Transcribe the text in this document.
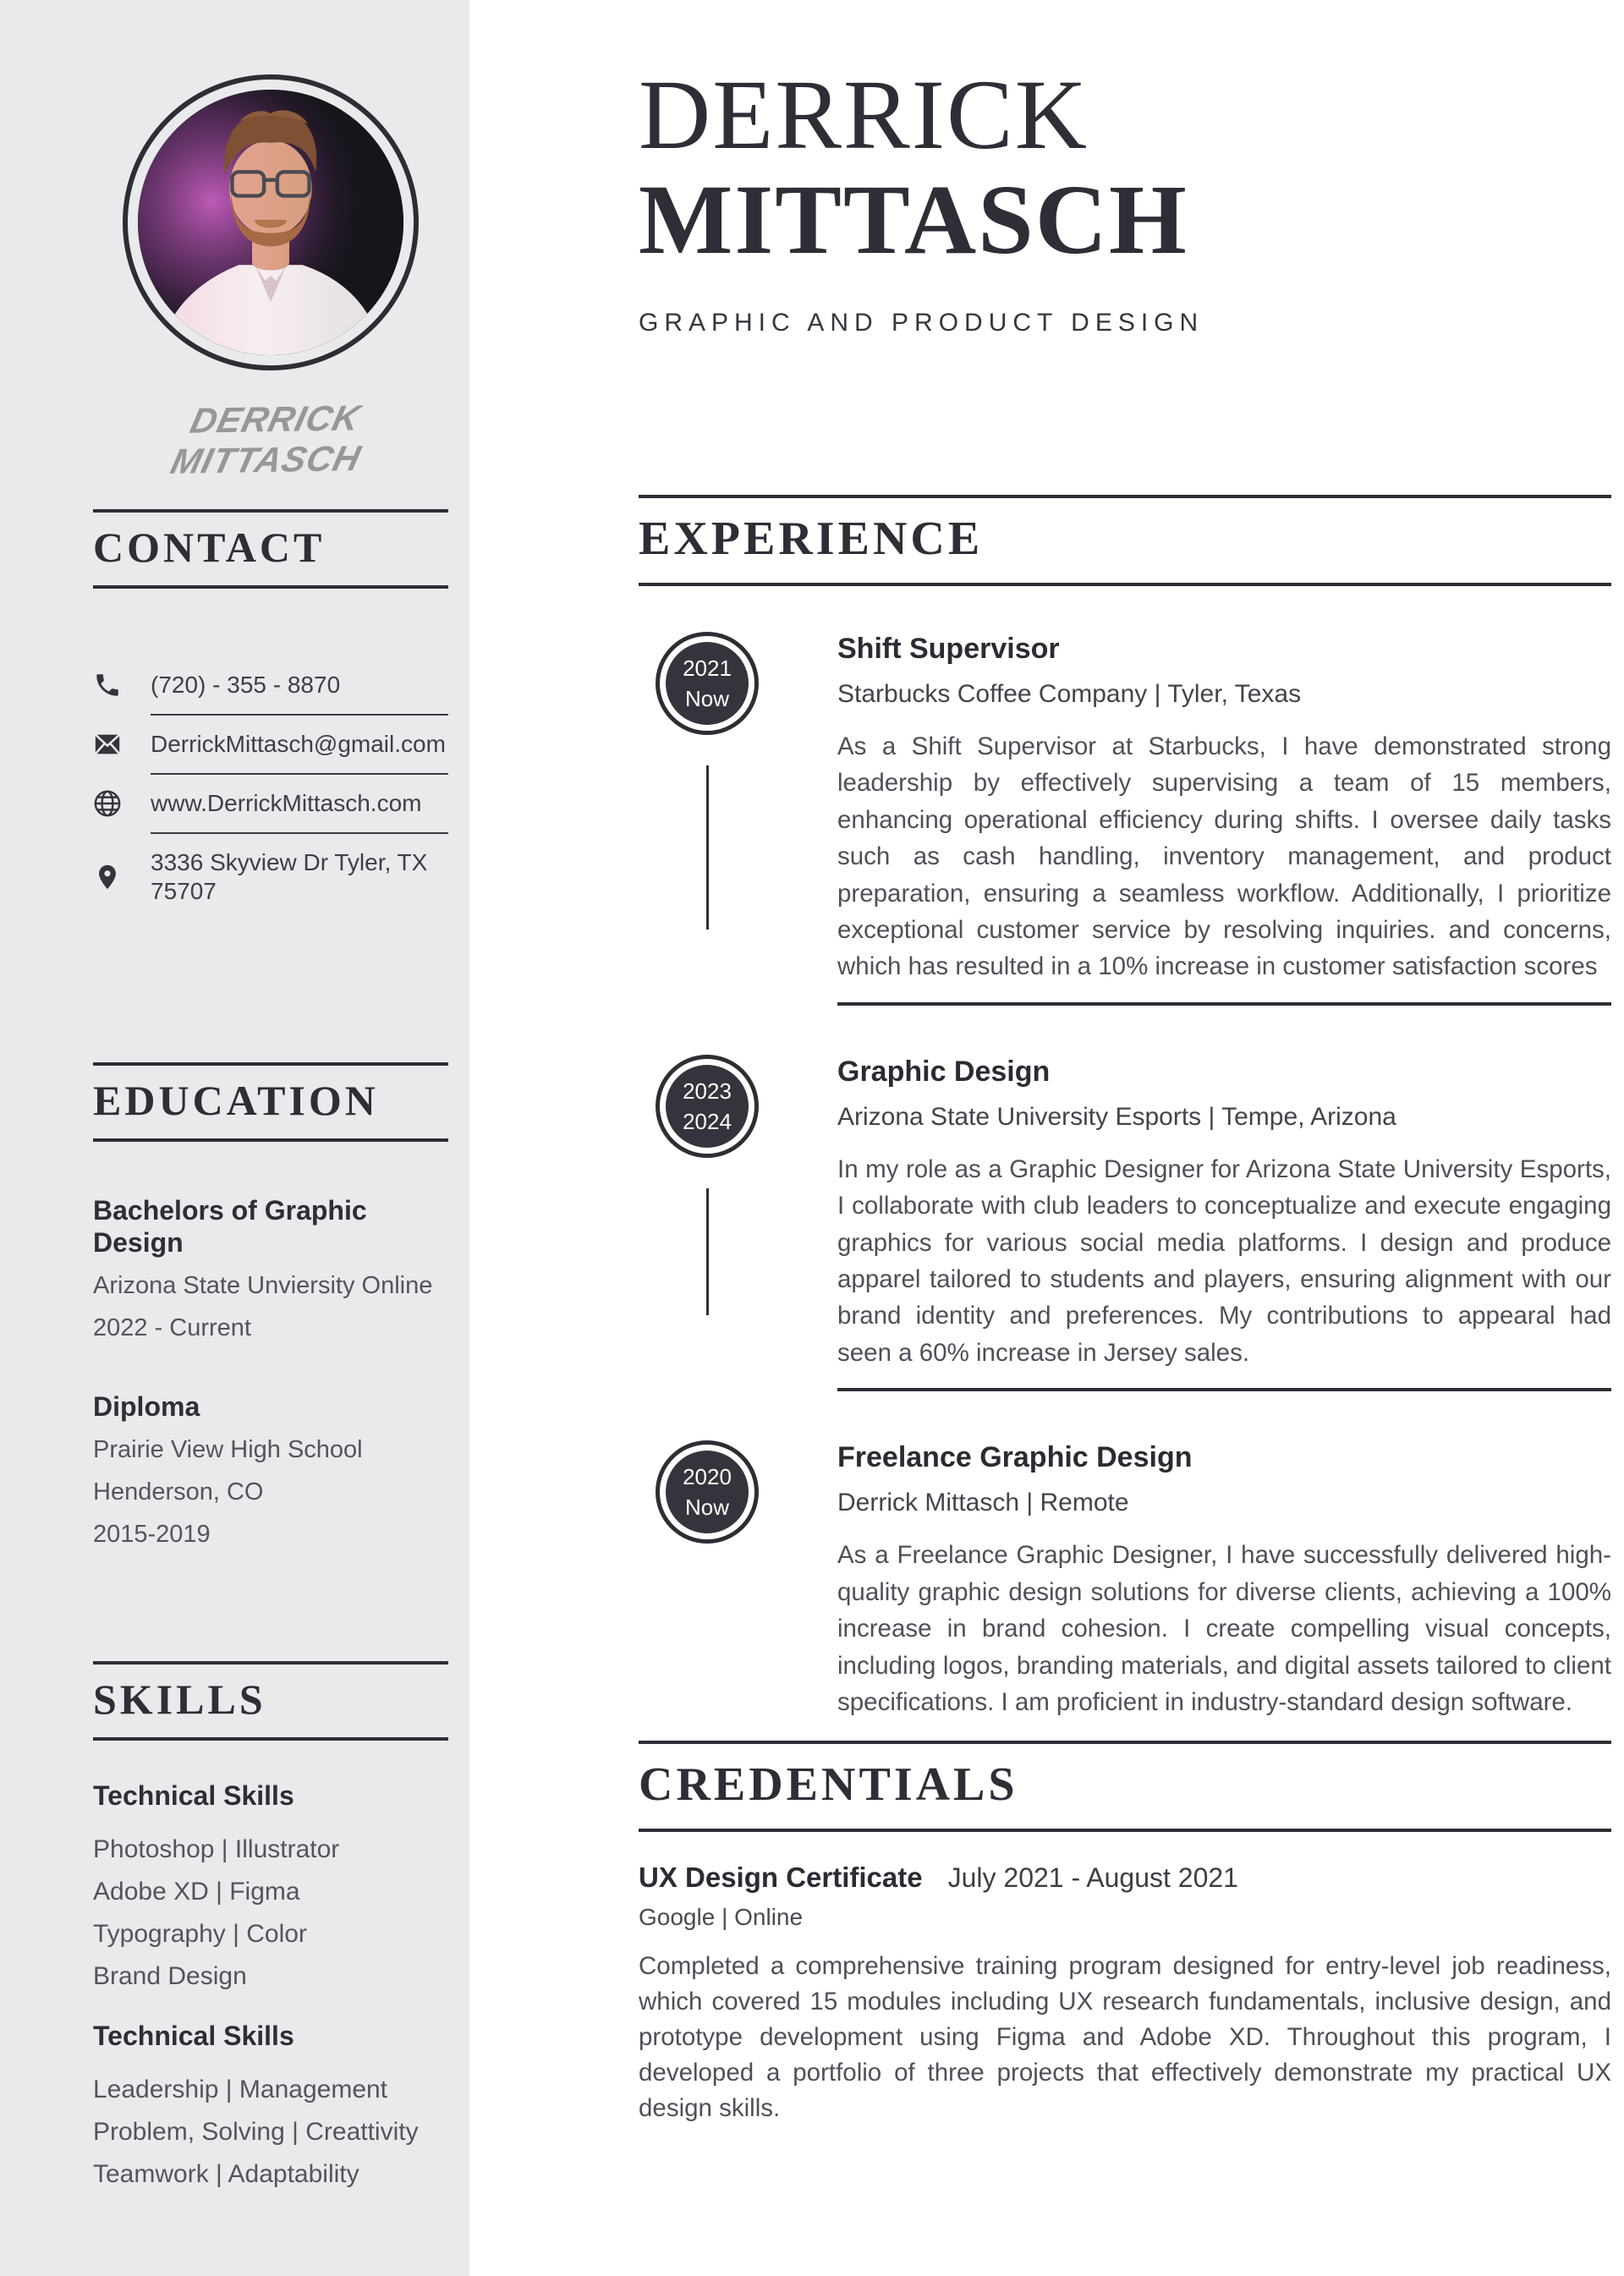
DERRICK MITTASCH
CONTACT
(720) - 355 - 8870
DerrickMittasch@gmail.com
www.DerrickMittasch.com
3336 Skyview Dr Tyler, TX 75707
EDUCATION
Bachelors of Graphic Design
Arizona State Unviersity Online
2022 - Current
Diploma
Prairie View High School
Henderson, CO
2015-2019
SKILLS
Technical Skills
Photoshop | Illustrator
Adobe XD | Figma
Typography | Color
Brand Design
Technical Skills
Leadership | Management
Problem, Solving | Creattivity
Teamwork | Adaptability
DERRICK
MITTASCH
GRAPHIC AND PRODUCT DESIGN
EXPERIENCE
2021
Now
Shift Supervisor
Starbucks Coffee Company | Tyler, Texas
As a Shift Supervisor at Starbucks, I have demonstrated strong leadership by effectively supervising a team of 15 members, enhancing operational efficiency during shifts. I oversee daily tasks such as cash handling, inventory management, and product preparation, ensuring a seamless workflow. Additionally, I prioritize exceptional customer service by resolving inquiries. and concerns, which has resulted in a 10% increase in customer satisfaction scores
2023
2024
Graphic Design
Arizona State University Esports | Tempe, Arizona
In my role as a Graphic Designer for Arizona State University Esports, I collaborate with club leaders to conceptualize and execute engaging graphics for various social media platforms. I design and produce apparel tailored to students and players, ensuring alignment with our brand identity and preferences. My contributions to appearal had seen a 60% increase in Jersey sales.
2020
Now
Freelance Graphic Design
Derrick Mittasch | Remote
As a Freelance Graphic Designer, I have successfully delivered high-quality graphic design solutions for diverse clients, achieving a 100% increase in brand cohesion. I create compelling visual concepts, including logos, branding materials, and digital assets tailored to client specifications. I am proficient in industry-standard design software.
CREDENTIALS
UX Design Certificate July 2021 - August 2021
Google | Online
Completed a comprehensive training program designed for entry-level job readiness, which covered 15 modules including UX research fundamentals, inclusive design, and prototype development using Figma and Adobe XD. Throughout this program, I developed a portfolio of three projects that effectively demonstrate my practical UX design skills.
